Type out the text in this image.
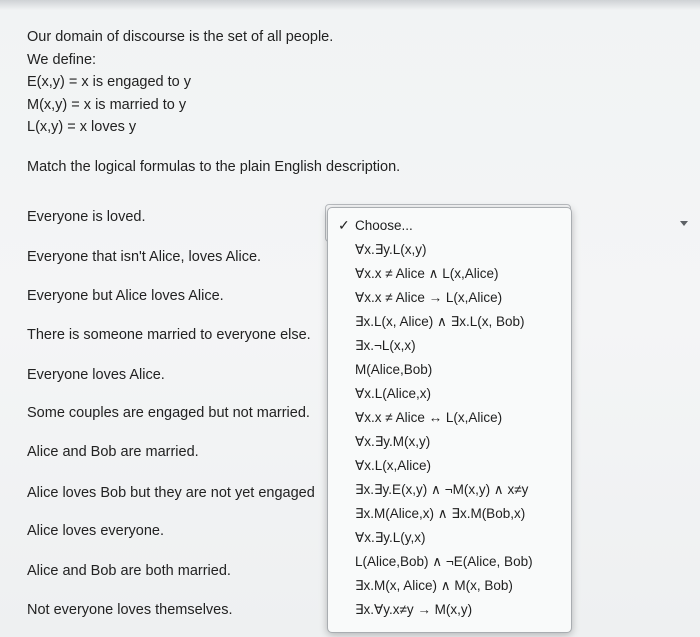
Our domain of discourse is the set of all people.
We define:
E(x,y) = x is engaged to y
M(x,y) = x is married to y
L(x,y) = x loves y
Match the logical formulas to the plain English description.
Everyone is loved.
Everyone that isn't Alice, loves Alice.
Everyone but Alice loves Alice.
There is someone married to everyone else.
Everyone loves Alice.
Some couples are engaged but not married.
Alice and Bob are married.
Alice loves Bob but they are not yet engaged
Alice loves everyone.
Alice and Bob are both married.
Not everyone loves themselves.
✓ Choose...
∀x.∃y.L(x,y)
∀x.x ≠ Alice ∧ L(x,Alice)
∀x.x ≠ Alice → L(x,Alice)
∃x.L(x, Alice) ∧ ∃x.L(x, Bob)
∃x.¬L(x,x)
M(Alice,Bob)
∀x.L(Alice,x)
∀x.x ≠ Alice ↔ L(x,Alice)
∀x.∃y.M(x,y)
∀x.L(x,Alice)
∃x.∃y.E(x,y) ∧ ¬M(x,y) ∧ x≠y
∃x.M(Alice,x) ∧ ∃x.M(Bob,x)
∀x.∃y.L(y,x)
L(Alice,Bob) ∧ ¬E(Alice, Bob)
∃x.M(x, Alice) ∧ M(x, Bob)
∃x.∀y.x≠y → M(x,y)
